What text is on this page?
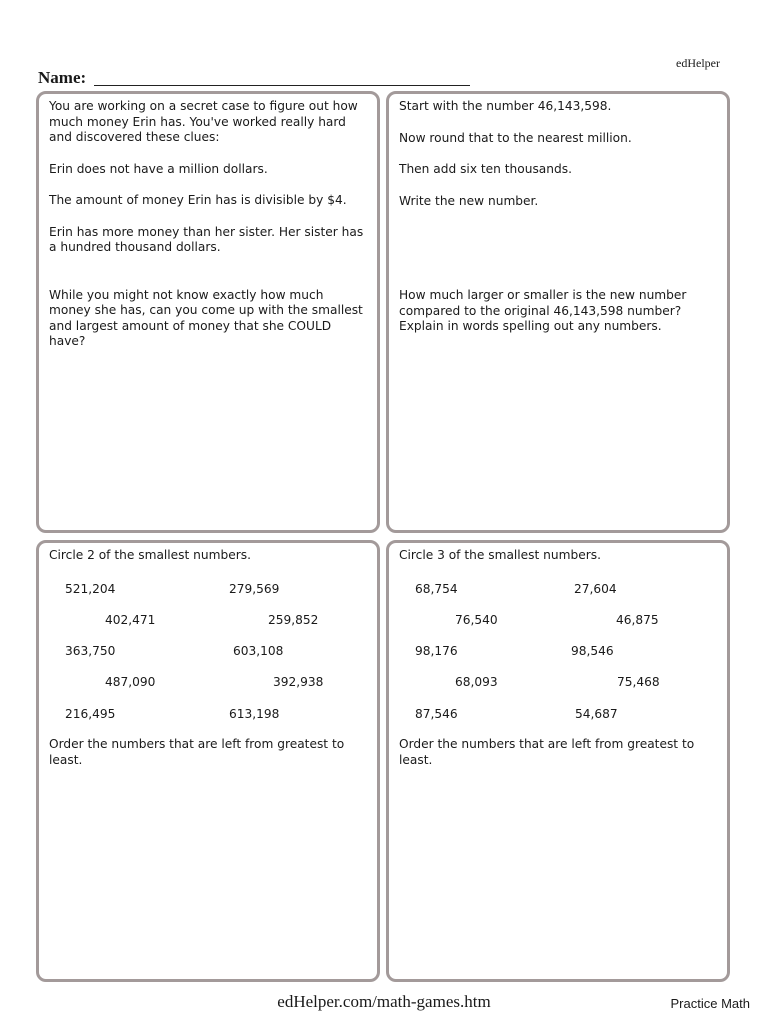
edHelper
Name:

You are working on a secret case to figure out how much money Erin has. You've worked really hard and discovered these clues:

Erin does not have a million dollars.

The amount of money Erin has is divisible by $4.

Erin has more money than her sister. Her sister has a hundred thousand dollars.

While you might not know exactly how much money she has, can you come up with the smallest and largest amount of money that she COULD have?

Start with the number 46,143,598.

Now round that to the nearest million.

Then add six ten thousands.

Write the new number.

How much larger or smaller is the new number compared to the original 46,143,598 number? Explain in words spelling out any numbers.

Circle 2 of the smallest numbers.
521,204	279,569
402,471	259,852
363,750	603,108
487,090	392,938
216,495	613,198
Order the numbers that are left from greatest to least.
Circle 3 of the smallest numbers.
68,754	27,604
76,540	46,875
98,176	98,546
68,093	75,468
87,546	54,687
Order the numbers that are left from greatest to least.
edHelper.com/math-games.htm	Practice Math
